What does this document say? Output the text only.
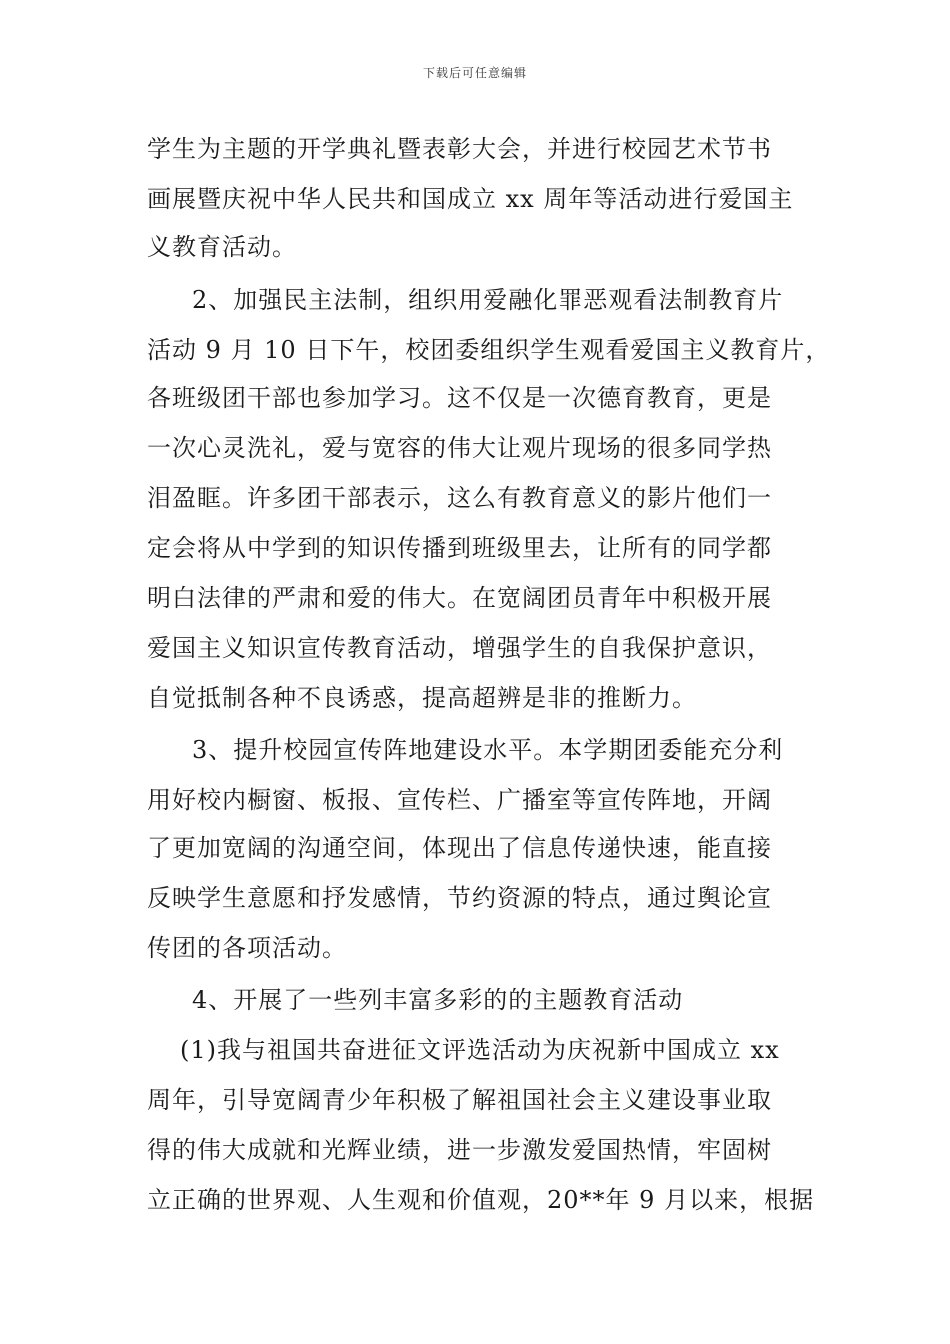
下载后可任意编辑
学生为主题的开学典礼暨表彰大会，并进行校园艺术节书
画展暨庆祝中华人民共和国成立 xx 周年等活动进行爱国主
义教育活动。
2、加强民主法制，组织用爱融化罪恶观看法制教育片
活动 9 月 10 日下午，校团委组织学生观看爱国主义教育片，
各班级团干部也参加学习。这不仅是一次德育教育，更是
一次心灵洗礼，爱与宽容的伟大让观片现场的很多同学热
泪盈眶。许多团干部表示，这么有教育意义的影片他们一
定会将从中学到的知识传播到班级里去，让所有的同学都
明白法律的严肃和爱的伟大。在宽阔团员青年中积极开展
爱国主义知识宣传教育活动，增强学生的自我保护意识，
自觉抵制各种不良诱惑，提高超辨是非的推断力。
3、提升校园宣传阵地建设水平。本学期团委能充分利
用好校内橱窗、板报、宣传栏、广播室等宣传阵地，开阔
了更加宽阔的沟通空间，体现出了信息传递快速，能直接
反映学生意愿和抒发感情，节约资源的特点，通过舆论宣
传团的各项活动。
4、开展了一些列丰富多彩的的主题教育活动
(1)我与祖国共奋进征文评选活动为庆祝新中国成立 xx
周年，引导宽阔青少年积极了解祖国社会主义建设事业取
得的伟大成就和光辉业绩，进一步激发爱国热情，牢固树
立正确的世界观、人生观和价值观，20**年 9 月以来，根据
